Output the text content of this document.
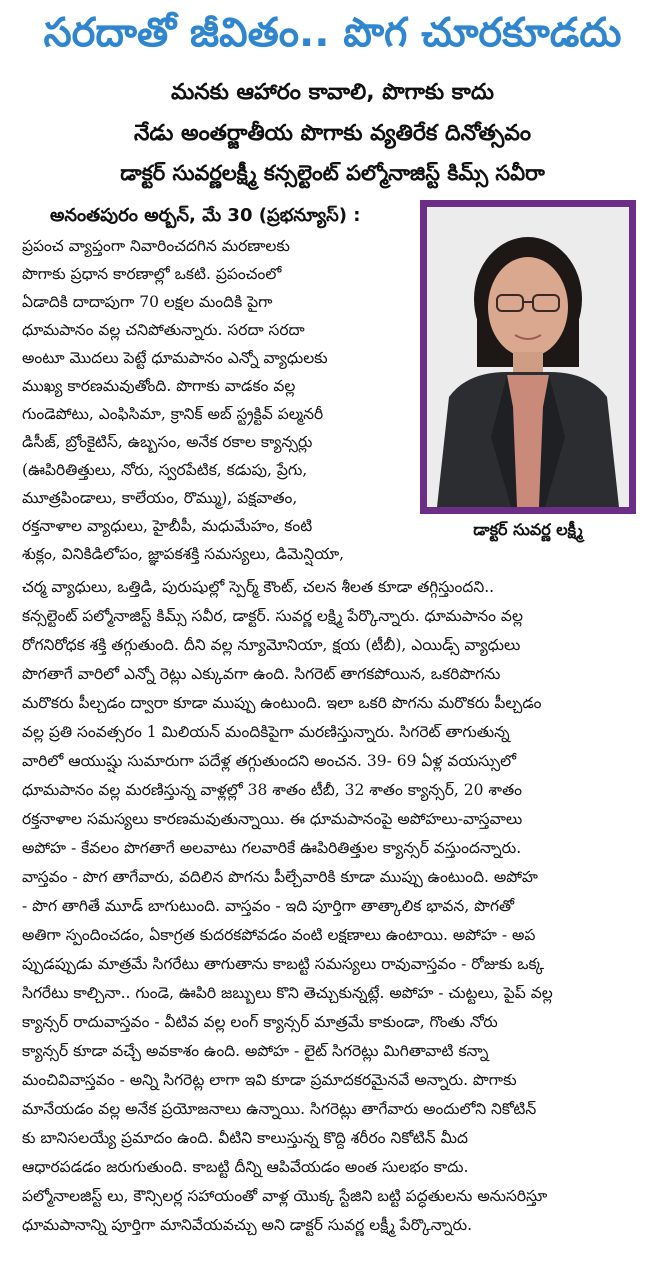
సరదాతో జీవితం.. పొగ చూరకూడదు
మనకు ఆహారం కావాలి, పొగాకు కాదు
నేడు అంతర్జాతీయ పొగాకు వ్యతిరేక దినోత్సవం
డాక్టర్ సువర్ణలక్ష్మీ కన్సల్టెంట్ పల్మోనాజిస్ట్ కిమ్స్ సవీరా
అనంతపురం అర్బన్, మే 30 (ప్రభన్యూస్) :
డాక్టర్ సువర్ణ లక్ష్మీ
ప్రపంచ వ్యాప్తంగా నివారించదగిన మరణాలకు
పొగాకు ప్రధాన కారణాల్లో ఒకటి. ప్రపంచంలో
ఏడాదికి దాదాపుగా 70 లక్షల మందికి పైగా
ధూమపానం వల్ల చనిపోతున్నారు. సరదా సరదా
అంటూ మొదలు పెట్టే ధూమపానం ఎన్నో వ్యాధులకు
ముఖ్య కారణమవుతోంది. పొగాకు వాడకం వల్ల
గుండెపోటు, ఎంఫిసిమా, క్రానిక్ అబ్ స్ట్రక్టివ్ పల్మనరీ
డిసీజ్, బ్రోంకైటిస్, ఉబ్బసం, అనేక రకాల క్యాన్సర్లు
(ఊపిరితిత్తులు, నోరు, స్వరపేటిక, కడుపు, ప్రేగు,
మూత్రపిండాలు, కాలేయం, రొమ్ము), పక్షవాతం,
రక్తనాళాల వ్యాధులు, హైబీపీ, మధుమేహం, కంటి
శుక్లం, వినికిడిలోపం, జ్ఞాపకశక్తి సమస్యలు, డిమెన్షియా,
చర్మ వ్యాధులు, ఒత్తిడి, పురుషుల్లో స్పెర్మ్ కౌంట్, చలన శీలత కూడా తగ్గిస్తుందని..
కన్సల్టెంట్ పల్మోనాజిస్ట్ కిమ్స్ సవీర, డాక్టర్. సువర్ణ లక్ష్మి పేర్కొన్నారు. ధూమపానం వల్ల
రోగనిరోధక శక్తి తగ్గుతుంది. దీని వల్ల న్యూమోనియా, క్షయ (టీబీ), ఎయిడ్స్ వ్యాధులు
పొగతాగే వారిలో ఎన్నో రెట్లు ఎక్కువగా ఉంది. సిగరెట్ తాగకపోయిన, ఒకరిపొగను
మరొకరు పీల్చడం ద్వారా కూడా ముప్పు ఉంటుంది. ఇలా ఒకరి పొగను మరొకరు పీల్చడం
వల్ల ప్రతి సంవత్సరం 1 మిలియన్ మందికిపైగా మరణిస్తున్నారు. సిగరెట్ తాగుతున్న
వారిలో ఆయుష్షు సుమారుగా పదేళ్ల తగ్గుతుందని అంచన. 39- 69 ఏళ్ల వయస్సులో
ధూమపానం వల్ల మరణిస్తున్న వాళ్లల్లో 38 శాతం టీబీ, 32 శాతం క్యాన్సర్, 20 శాతం
రక్తనాళాల సమస్యలు కారణమవుతున్నాయి. ఈ ధూమపానంపై అపోహలు-వాస్తవాలు
అపోహ - కేవలం పొగతాగే అలవాటు గలవారికే ఊపిరితిత్తుల క్యాన్సర్ వస్తుందన్నారు.
వాస్తవం - పొగ తాగేవారు, వదిలిన పొగను పీల్చేవారికి కూడా ముప్పు ఉంటుంది. అపోహ
- పొగ తాగితే మూడ్ బాగుటుంది. వాస్తవం - ఇది పూర్తిగా తాత్కాలిక భావన, పొగతో
అతిగా స్పందించడం, ఏకాగ్రత కుదరకపోవడం వంటి లక్షణాలు ఉంటాయి. అపోహ - అప
ప్పుడప్పుడు మాత్రమే సిగరేటు తాగుతాను కాబట్టి సమస్యలు రావువాస్తవం - రోజుకు ఒక్క
సిగరేటు కాల్చినా.. గుండె, ఊపిరి జబ్బులు కొని తెచ్చుకున్నట్లే. అపోహ - చుట్టలు, పైప్ వల్ల
క్యాన్సర్ రాదువాస్తవం - వీటివ వల్ల లంగ్ క్యాన్సర్ మాత్రమే కాకుండా, గొంతు నోరు
క్యాన్సర్ కూడా వచ్చే అవకాశం ఉంది. అపోహ - లైట్ సిగరెట్లు మిగితావాటి కన్నా
మంచివివాస్తవం - అన్ని సిగరెట్ల లాగా ఇవి కూడా ప్రమాదకరమైనవే అన్నారు. పొగాకు
మానేయడం వల్ల అనేక ప్రయోజనాలు ఉన్నాయి. సిగరెట్లు తాగేవారు అందులోని నికోటిన్
కు బానిసలయ్యే ప్రమాదం ఉంది. వీటిని కాలుస్తున్న కొద్ది శరీరం నికోటిన్ మీద
ఆధారపడడం జరుగుతుంది. కాబట్టి దీన్ని ఆపివేయడం అంత సులభం కాదు.
పల్మోనాలజిస్ట్ లు, కౌన్సిలర్ల సహాయంతో వాళ్ల యొక్క స్టేజిని బట్టి పద్ధతులను అనుసరిస్తూ
ధూమపానాన్ని పూర్తిగా మానివేయవచ్చు అని డాక్టర్ సువర్ణ లక్ష్మీ పేర్కొన్నారు.
